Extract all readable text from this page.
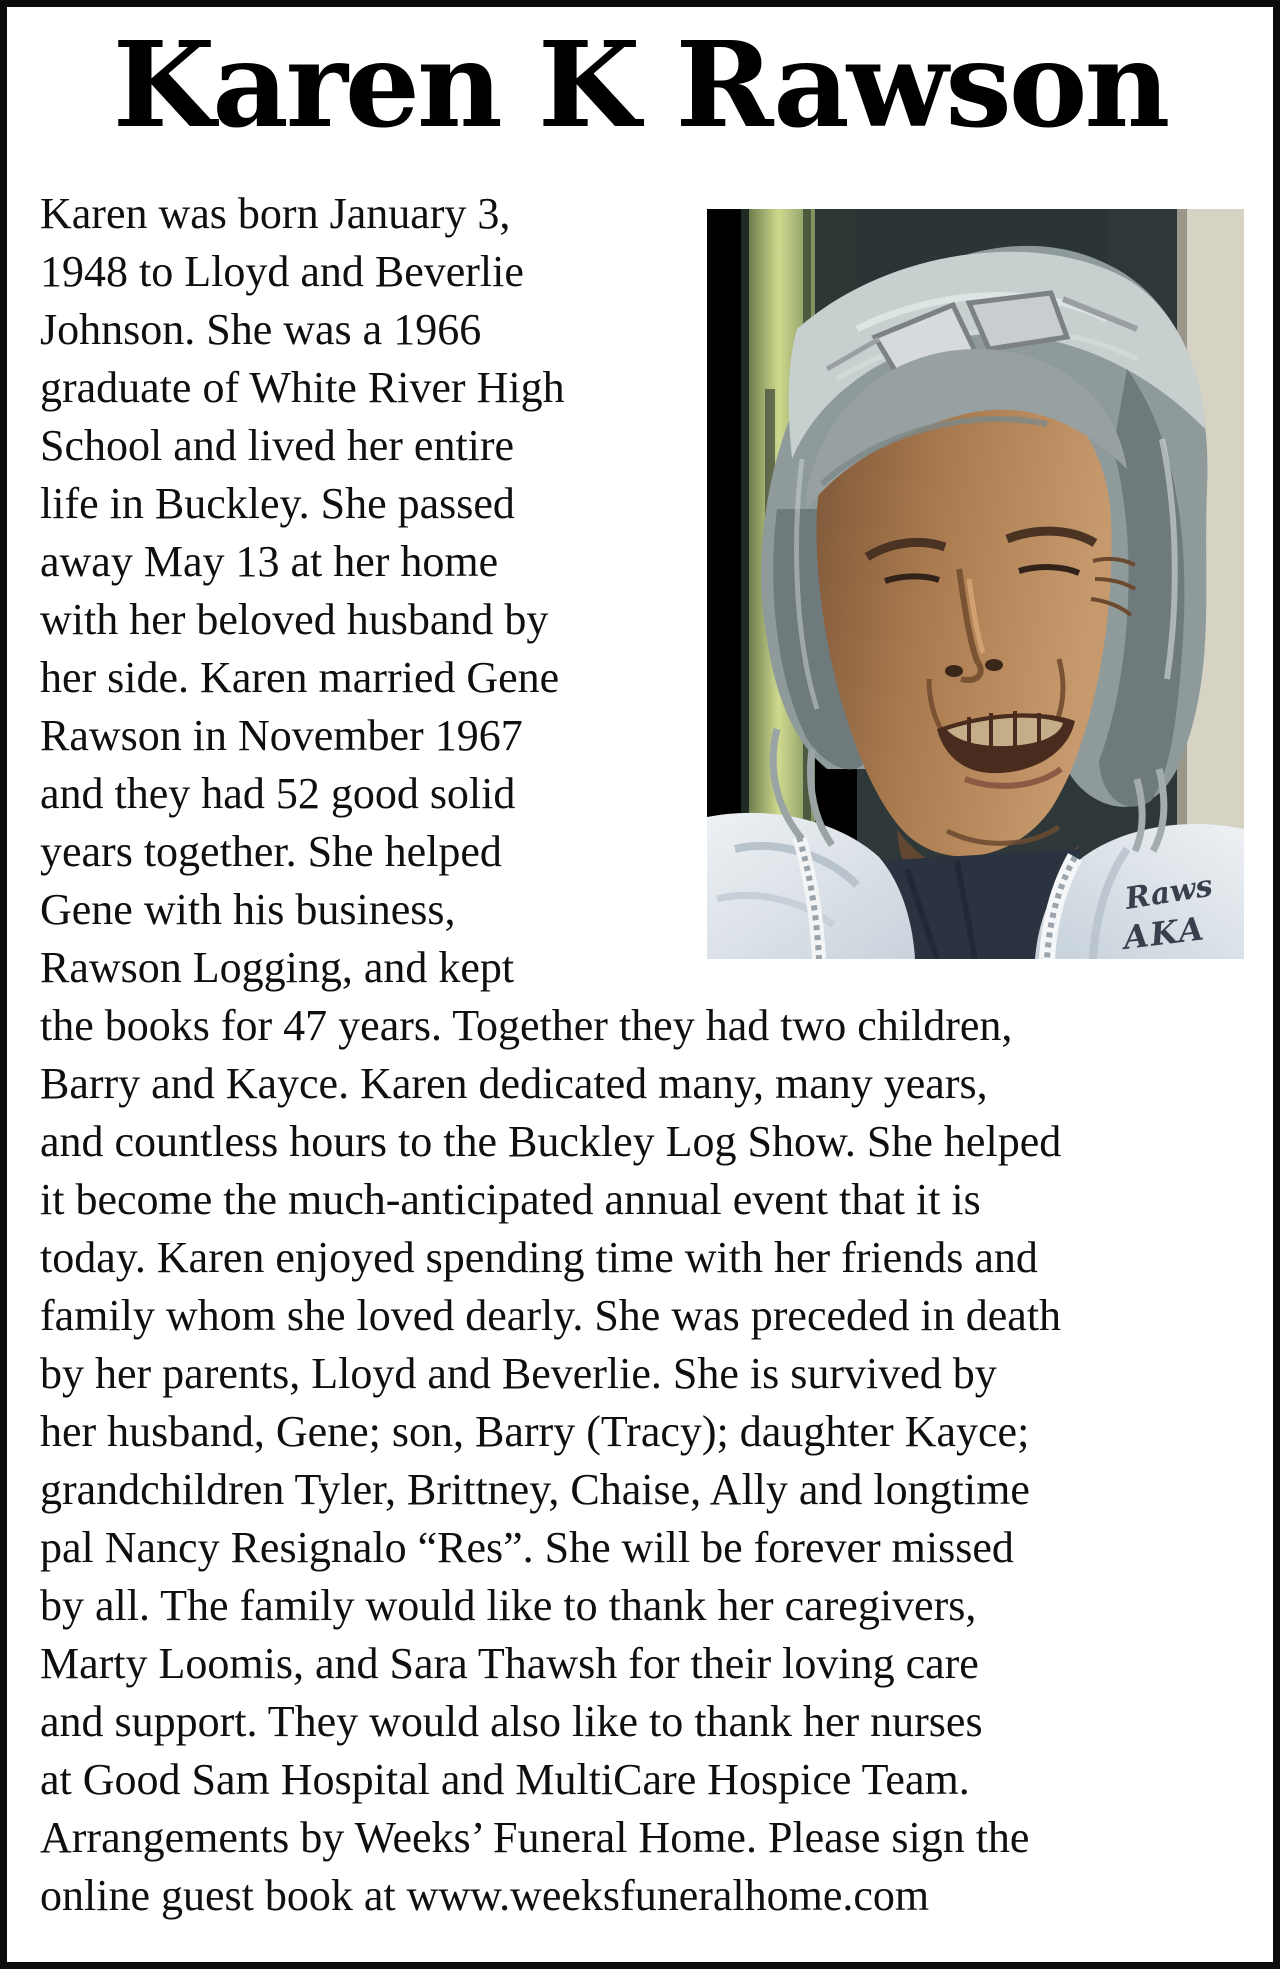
Karen K Rawson
Raws
AKA
Karen was born January 3,
1948 to Lloyd and Beverlie
Johnson. She was a 1966
graduate of White River High
School and lived her entire
life in Buckley. She passed
away May 13 at her home
with her beloved husband by
her side. Karen married Gene
Rawson in November 1967
and they had 52 good solid
years together. She helped
Gene with his business,
Rawson Logging, and kept
the books for 47 years. Together they had two children,
Barry and Kayce. Karen dedicated many, many years,
and countless hours to the Buckley Log Show. She helped
it become the much-anticipated annual event that it is
today. Karen enjoyed spending time with her friends and
family whom she loved dearly. She was preceded in death
by her parents, Lloyd and Beverlie. She is survived by
her husband, Gene; son, Barry (Tracy); daughter Kayce;
grandchildren Tyler, Brittney, Chaise, Ally and longtime
pal Nancy Resignalo “Res”. She will be forever missed
by all. The family would like to thank her caregivers,
Marty Loomis, and Sara Thawsh for their loving care
and support. They would also like to thank her nurses
at Good Sam Hospital and MultiCare Hospice Team.
Arrangements by Weeks’ Funeral Home. Please sign the
online guest book at www.weeksfuneralhome.com
